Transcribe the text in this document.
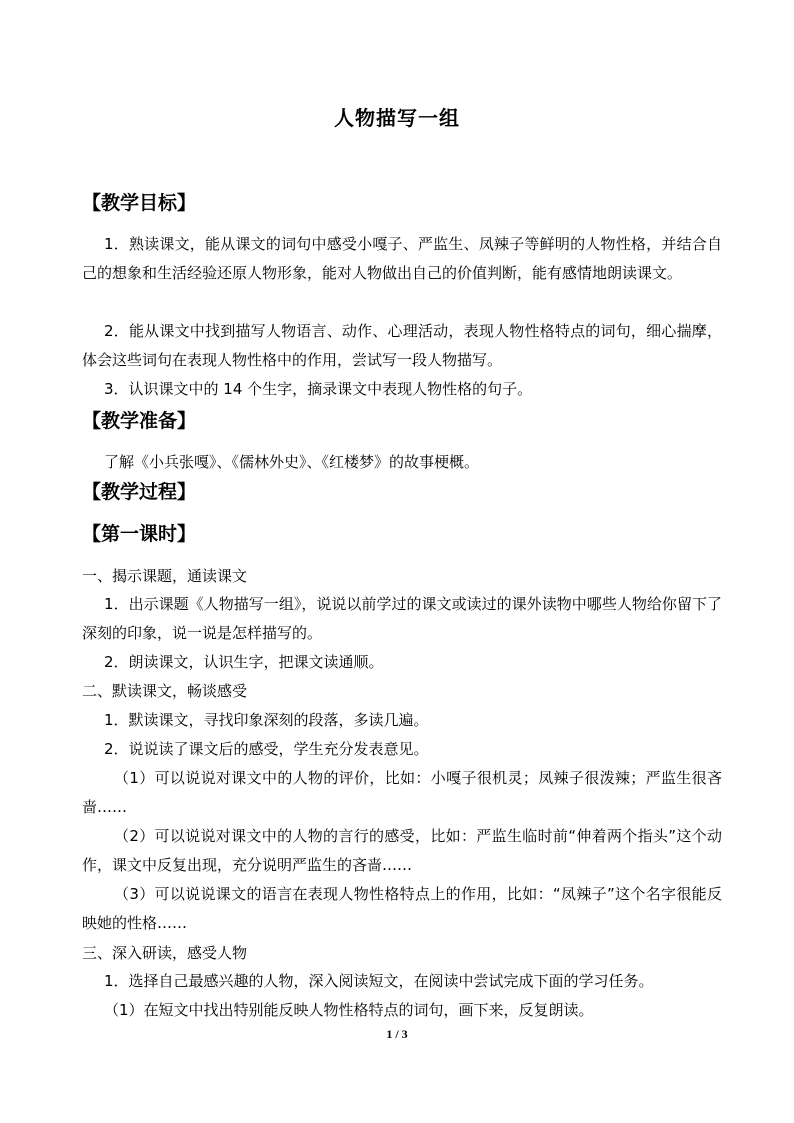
人物描写一组
【教学目标】

1．熟读课文，能从课文的词句中感受小嘎子、严监生、凤辣子等鲜明的人物性格，并结合自己的想象和生活经验还原人物形象，能对人物做出自己的价值判断，能有感情地朗读课文。

2．能从课文中找到描写人物语言、动作、心理活动，表现人物性格特点的词句，细心揣摩，体会这些词句在表现人物性格中的作用，尝试写一段人物描写。

3．认识课文中的 14 个生字，摘录课文中表现人物性格的句子。

【教学准备】

了解《小兵张嘎》、《儒林外史》、《红楼梦》的故事梗概。

【教学过程】
【第一课时】
一、揭示课题，通读课文

1．出示课题《人物描写一组》，说说以前学过的课文或读过的课外读物中哪些人物给你留下了深刻的印象，说一说是怎样描写的。

2．朗读课文，认识生字，把课文读通顺。

二、默读课文，畅谈感受

1．默读课文，寻找印象深刻的段落，多读几遍。

2．说说读了课文后的感受，学生充分发表意见。

（1）可以说说对课文中的人物的评价，比如：小嘎子很机灵；凤辣子很泼辣；严监生很吝啬……

（2）可以说说对课文中的人物的言行的感受，比如：严监生临时前“伸着两个指头”这个动作，课文中反复出现，充分说明严监生的吝啬……

（3）可以说说课文的语言在表现人物性格特点上的作用，比如：“凤辣子”这个名字很能反映她的性格……

三、深入研读，感受人物

1．选择自己最感兴趣的人物，深入阅读短文，在阅读中尝试完成下面的学习任务。

（1）在短文中找出特别能反映人物性格特点的词句，画下来，反复朗读。

1 / 3
